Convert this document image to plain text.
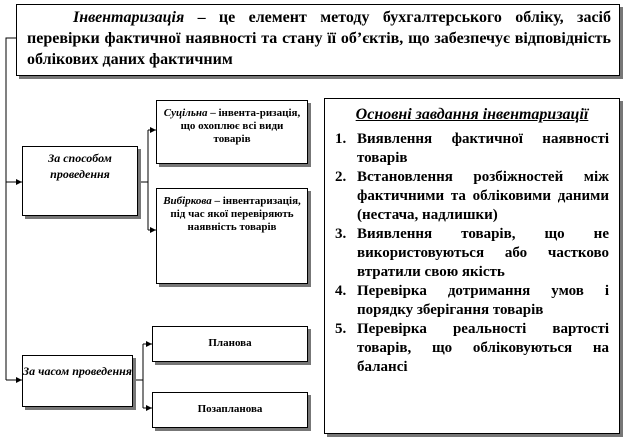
Інвентаризація – це елемент методу бухгалтерського обліку, засіб перевірки фактичної наявності та стану її об’єктів, що забезпечує відповідність облікових даних фактичним
За способом проведення
Суцільна – інвента-ризація, що охоплює всі види товарів
Вибіркова – інвентаризація, під час якої перевіряють наявність товарів
За часом проведення
Планова
Позапланова
Основні завдання інвентаризації
1. Виявлення фактичної наявності товарів
2. Встановлення розбіжностей між фактичними та обліковими даними (нестача, надлишки)
3. Виявлення товарів, що не використовуються або частково втратили свою якість
4. Перевірка дотримання умов і порядку зберігання товарів
5. Перевірка реальності вартості товарів, що обліковуються на балансі
